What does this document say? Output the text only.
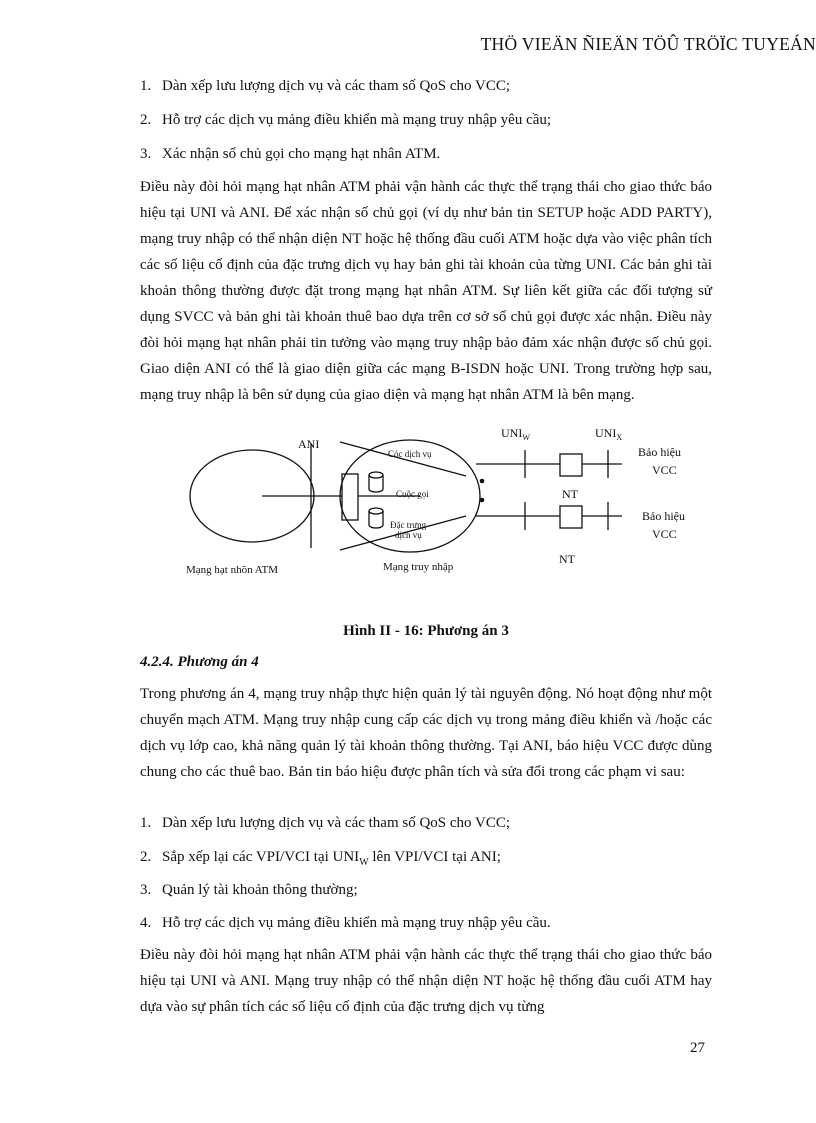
THÖ VIEÄN ÑIEÄN TÖÛ TRÖÏC TUYEÁN
1. Dàn xếp lưu lượng dịch vụ và các tham số QoS cho VCC;
2. Hỗ trợ các dịch vụ mảng điều khiển mà mạng truy nhập yêu cầu;
3. Xác nhận số chủ gọi cho mạng hạt nhân ATM.
Điều này đòi hỏi mạng hạt nhân ATM phải vận hành các thực thể trạng thái cho giao thức báo hiệu tại UNI và ANI. Để xác nhận số chủ gọi (ví dụ như bản tin SETUP hoặc ADD PARTY), mạng truy nhập có thể nhận diện NT hoặc hệ thống đầu cuối ATM hoặc dựa vào việc phân tích các số liệu cố định của đặc trưng dịch vụ hay bản ghi tài khoản của từng UNI. Các bản ghi tài khoản thông thường được đặt trong mạng hạt nhân ATM. Sự liên kết giữa các đối tượng sử dụng SVCC và bản ghi tài khoản thuê bao dựa trên cơ sở số chủ gọi được xác nhận. Điều này đòi hỏi mạng hạt nhân phải tin tưởng vào mạng truy nhập bảo đảm xác nhận được số chủ gọi. Giao diện ANI có thể là giao diện giữa các mạng B-ISDN hoặc UNI. Trong trường hợp sau, mạng truy nhập là bên sử dụng của giao diện và mạng hạt nhân ATM là bên mạng.
Hình II - 16: Phương án 3
4.2.4. Phương án 4
Trong phương án 4, mạng truy nhập thực hiện quản lý tài nguyên động. Nó hoạt động như một chuyển mạch ATM. Mạng truy nhập cung cấp các dịch vụ trong mảng điều khiển và /hoặc các dịch vụ lớp cao, khả năng quản lý tài khoản thông thường. Tại ANI, báo hiệu VCC được dùng chung cho các thuê bao. Bản tin báo hiệu được phân tích và sửa đổi trong các phạm vi sau:
1. Dàn xếp lưu lượng dịch vụ và các tham số QoS cho VCC;
2. Sắp xếp lại các VPI/VCI tại $UNI_W$ lên VPI/VCI tại ANI;
3. Quản lý tài khoản thông thường;
4. Hỗ trợ các dịch vụ mảng điều khiển mà mạng truy nhập yêu cầu.
Điều này đòi hỏi mạng hạt nhân ATM phải vận hành các thực thể trạng thái cho giao thức báo hiệu tại UNI và ANI. Mạng truy nhập có thể nhận diện NT hoặc hệ thống đầu cuối ATM hay dựa vào sự phân tích các số liệu cố định của đặc trưng dịch vụ từng
ANI
$UNI_W$	$UNI_X$
Cóc dịch vụ
Cuộc gọi
Đặc trưng
dịch vụ
Bảo hiệu
VCC
Bảo hiệu
VCC
NT
NT
Mạng hạt nhõn ATM	Mạng truy nhập
27
